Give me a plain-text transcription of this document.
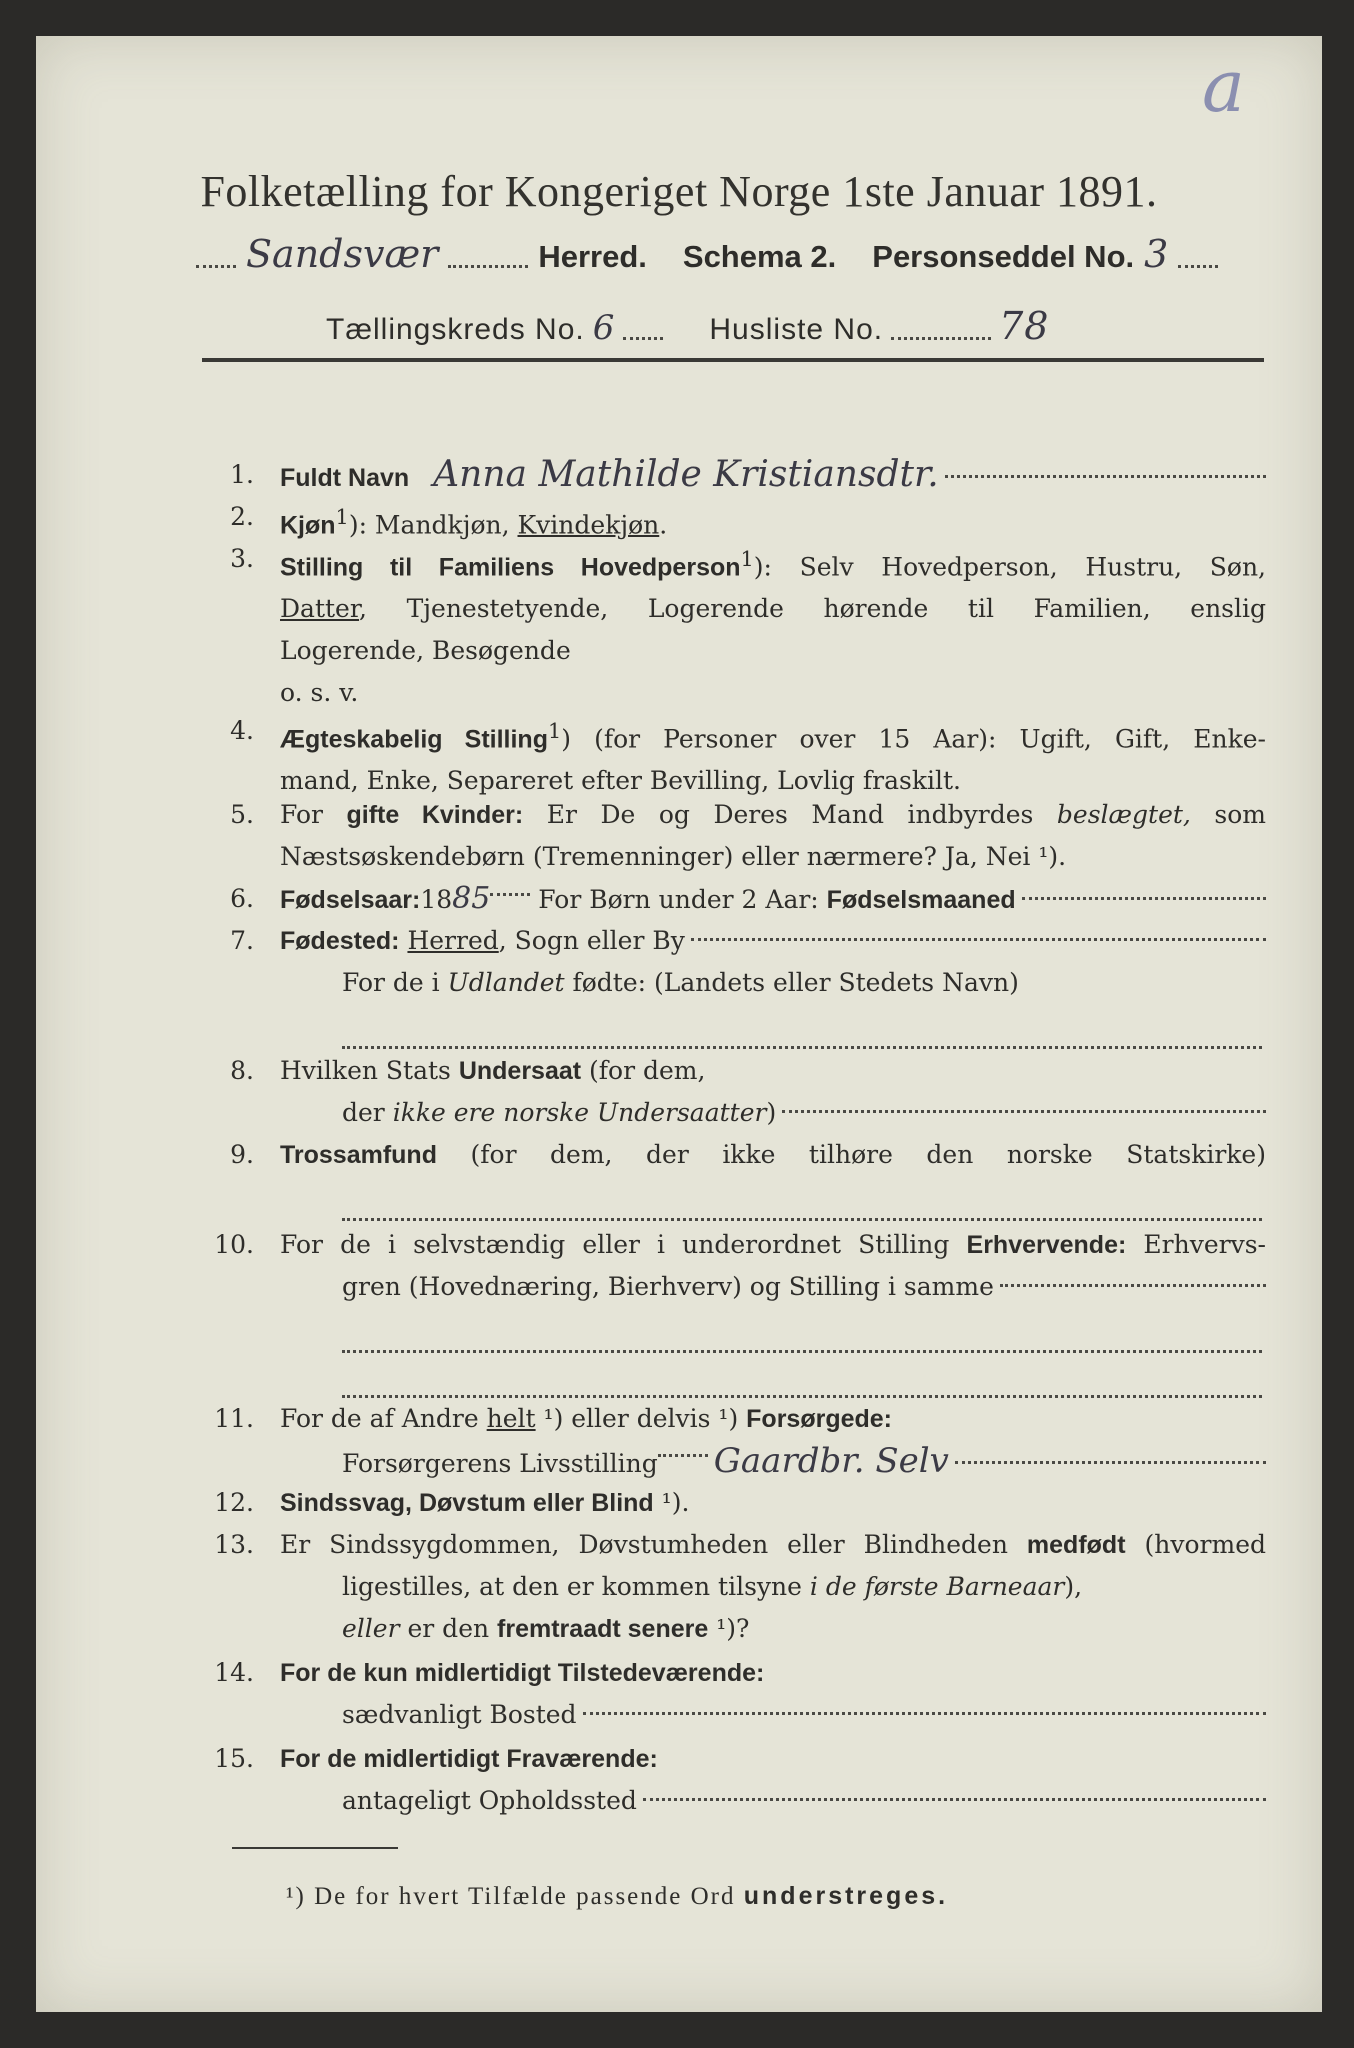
a
Folketælling for Kongeriget Norge 1ste Januar 1891.
Sandsvær	Herred. Schema 2. Personseddel No. 3
Tællingskreds No. 6	Husliste No.	78
1. Fuldt Navn Anna Mathilde Kristiansdtr.
2. Kjøn$^1$): Mandkjøn, Kvindekjøn.
3. Stilling til Familiens Hovedperson$^1$): Selv Hovedperson, Hustru, Søn,
Datter, Tjenestetyende, Logerende hørende til Familien, enslig
Logerende, Besøgende
o. s. v.
4. Ægteskabelig Stilling$^1$) (for Personer over 15 Aar): Ugift, Gift, Enke-
mand, Enke, Separeret efter Bevilling, Lovlig fraskilt.
5. For gifte Kvinder: Er De og Deres Mand indbyrdes beslægtet, som
Næstsøskendebørn (Tremenninger) eller nærmere? Ja, Nei ¹).
6. Fødselsaar: 18 85 For Børn under 2 Aar: Fødselsmaaned
7. Fødested: Herred , Sogn eller By
For de i Udlandet fødte : (Landets eller Stedets Navn)
8. Hvilken Stats Undersaat (for dem,
der ikke ere norske Undersaatter )
9. Trossamfund (for dem, der ikke tilhøre den norske Statskirke)
10. For de i selvstændig eller i underordnet Stilling Erhvervende: Erhvervs-
gren (Hovednæring, Bierhverv) og Stilling i samme
11. For de af Andre helt ¹) eller delvis ¹) Forsørgede:
Forsørgerens Livsstilling Gaardbr. Selv
12. Sindssvag, Døvstum eller Blind ¹).
13. Er Sindssygdommen, Døvstumheden eller Blindheden medfødt (hvormed
ligestilles, at den er kommen tilsyne i de første Barneaar),
eller er den fremtraadt senere ¹)?
14. For de kun midlertidigt Tilstedeværende:
sædvanligt Bosted
15. For de midlertidigt Fraværende:
antageligt Opholdssted
¹) De for hvert Tilfælde passende Ord understreges.
